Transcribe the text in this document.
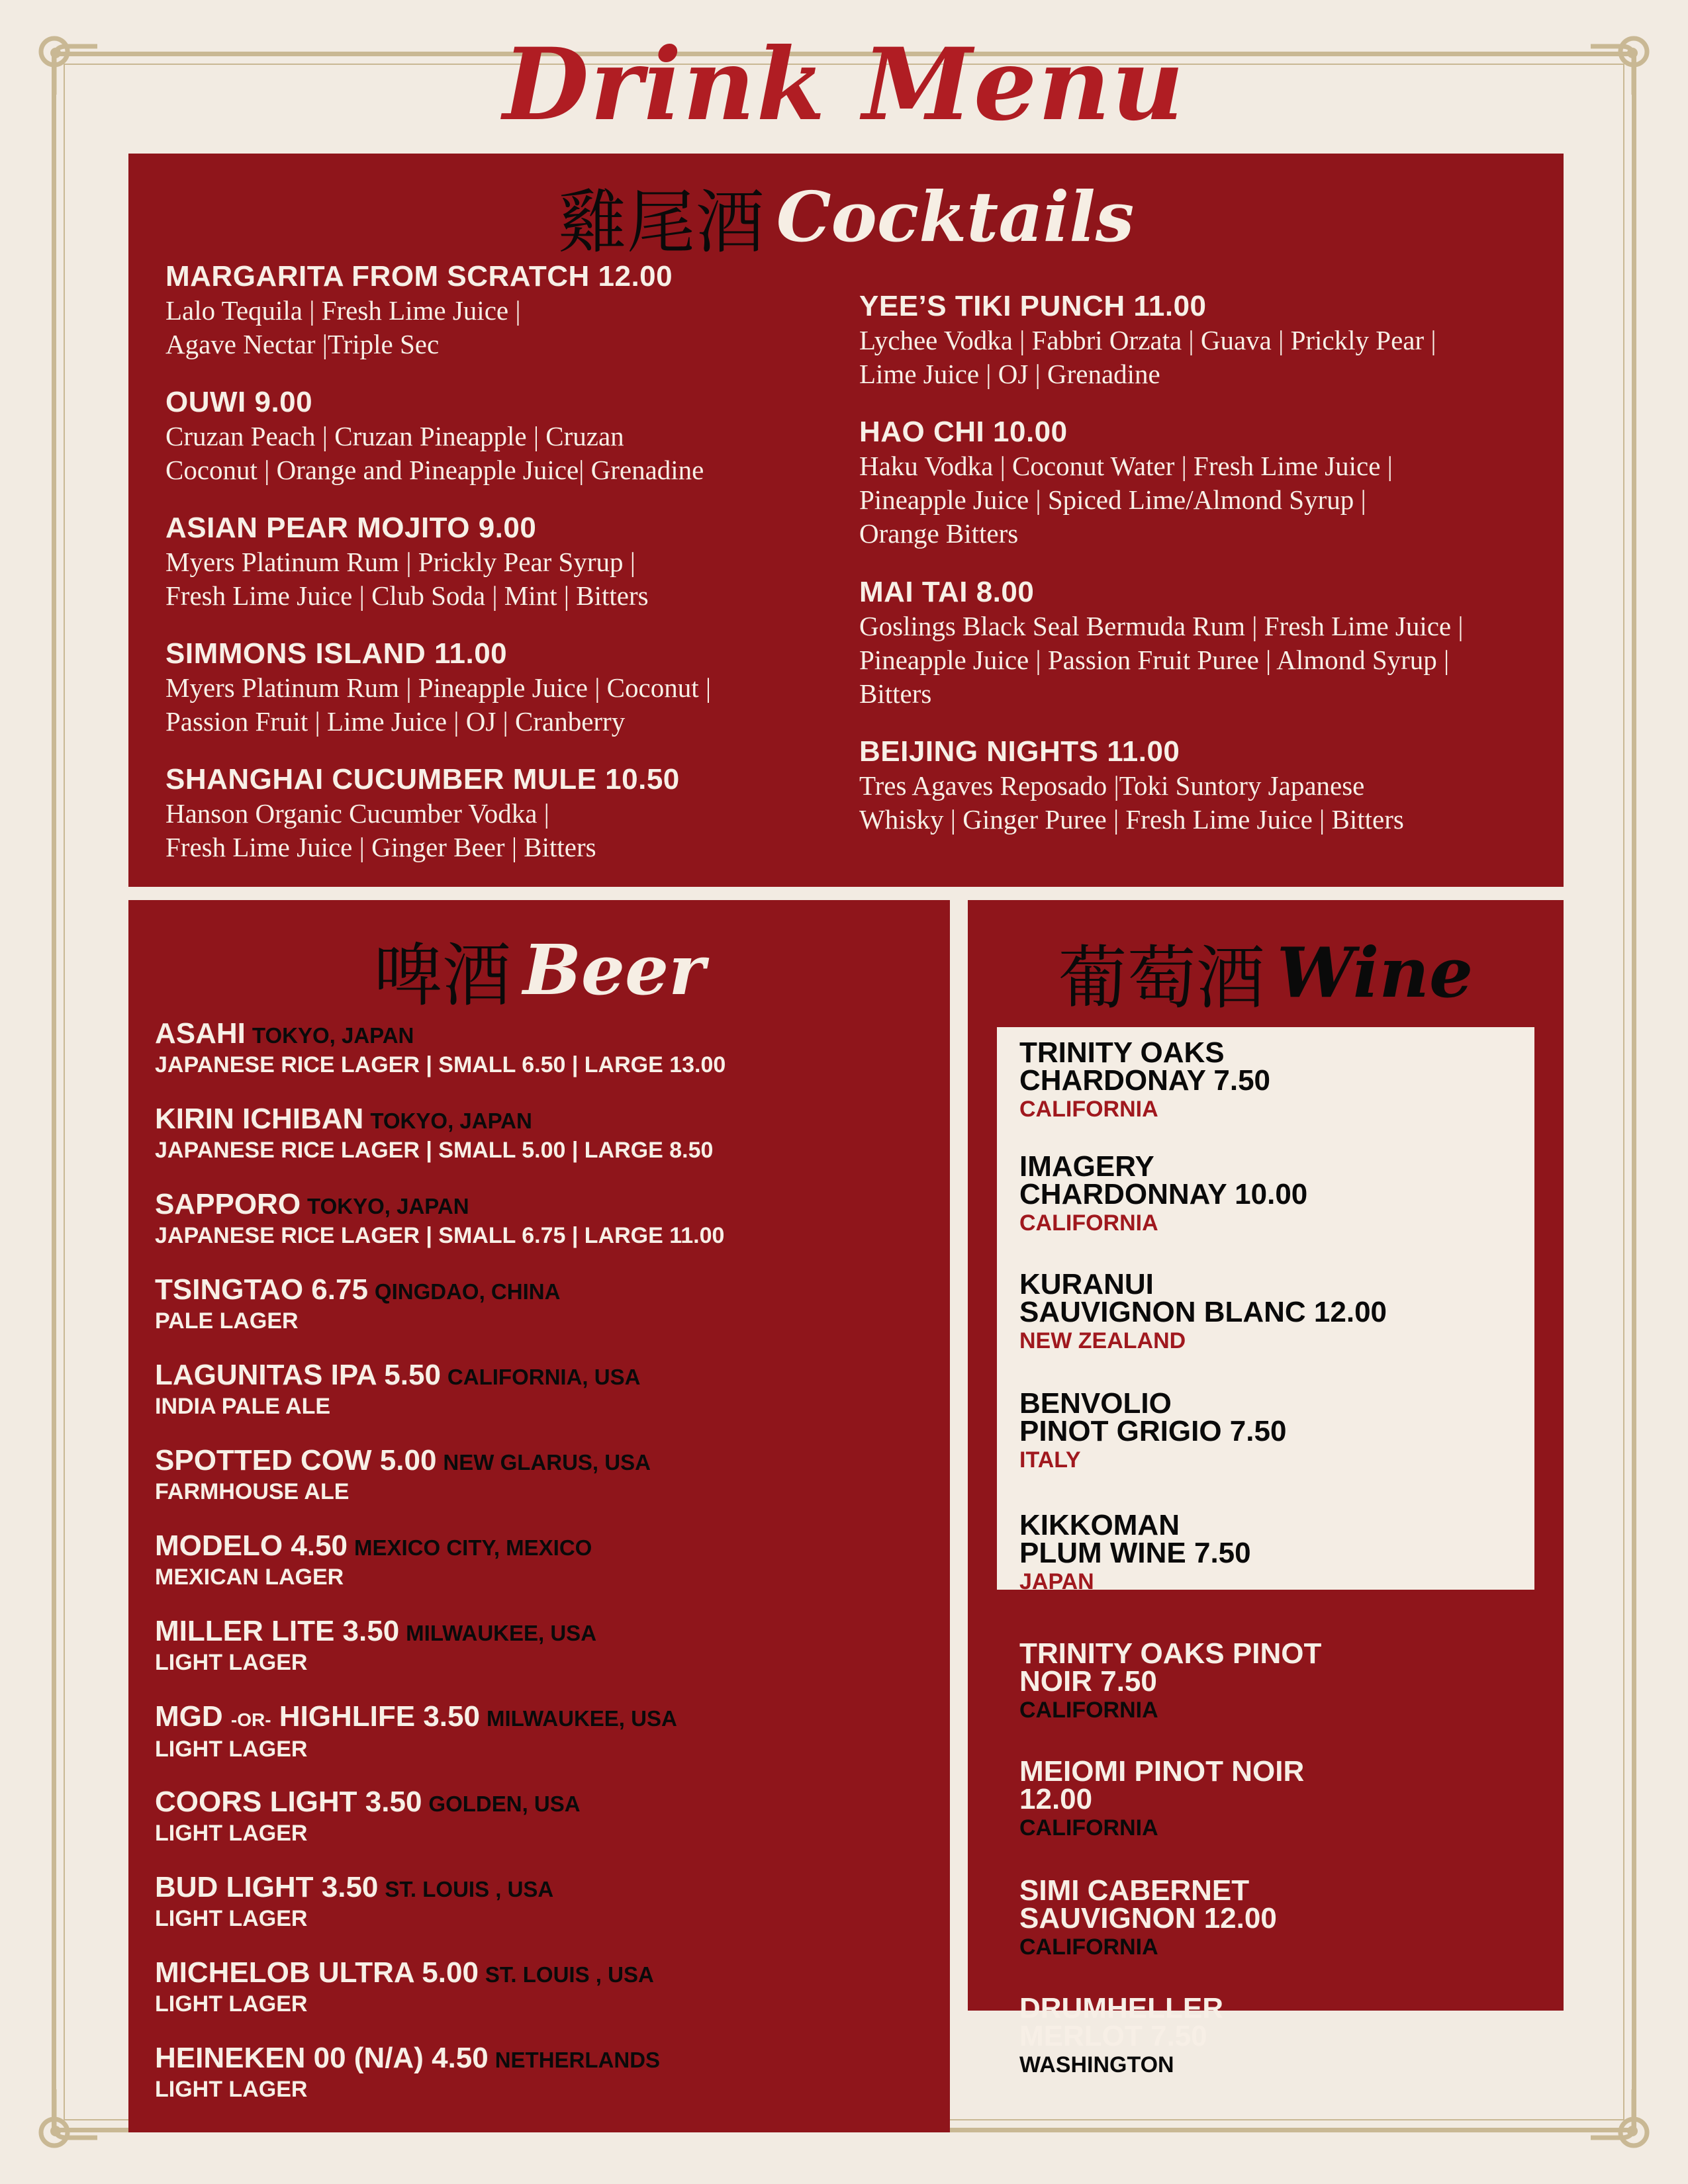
Drink Menu
雞尾酒 Cocktails
MARGARITA FROM SCRATCH 12.00
Lalo Tequila | Fresh Lime Juice |
Agave Nectar |Triple Sec
OUWI 9.00
Cruzan Peach | Cruzan Pineapple | Cruzan
Coconut | Orange and Pineapple Juice| Grenadine
ASIAN PEAR MOJITO 9.00
Myers Platinum Rum | Prickly Pear Syrup |
Fresh Lime Juice | Club Soda | Mint | Bitters
SIMMONS ISLAND 11.00
Myers Platinum Rum | Pineapple Juice | Coconut |
Passion Fruit | Lime Juice | OJ | Cranberry
SHANGHAI CUCUMBER MULE 10.50
Hanson Organic Cucumber Vodka |
Fresh Lime Juice | Ginger Beer | Bitters
YEE’S TIKI PUNCH 11.00
Lychee Vodka | Fabbri Orzata | Guava | Prickly Pear |
Lime Juice | OJ | Grenadine
HAO CHI 10.00
Haku Vodka | Coconut Water | Fresh Lime Juice |
Pineapple Juice | Spiced Lime/Almond Syrup |
Orange Bitters
MAI TAI 8.00
Goslings Black Seal Bermuda Rum | Fresh Lime Juice |
Pineapple Juice | Passion Fruit Puree | Almond Syrup |
Bitters
BEIJING NIGHTS 11.00
Tres Agaves Reposado |Toki Suntory Japanese
Whisky | Ginger Puree | Fresh Lime Juice | Bitters
啤酒 Beer
ASAHI TOKYO, JAPAN
JAPANESE RICE LAGER | SMALL 6.50 | LARGE 13.00
KIRIN ICHIBAN TOKYO, JAPAN
JAPANESE RICE LAGER | SMALL 5.00 | LARGE 8.50
SAPPORO TOKYO, JAPAN
JAPANESE RICE LAGER | SMALL 6.75 | LARGE 11.00
TSINGTAO 6.75 QINGDAO, CHINA
PALE LAGER
LAGUNITAS IPA 5.50 CALIFORNIA, USA
INDIA PALE ALE
SPOTTED COW 5.00 NEW GLARUS, USA
FARMHOUSE ALE
MODELO 4.50 MEXICO CITY, MEXICO
MEXICAN LAGER
MILLER LITE 3.50 MILWAUKEE, USA
LIGHT LAGER
MGD -OR- HIGHLIFE 3.50 MILWAUKEE, USA
LIGHT LAGER
COORS LIGHT 3.50 GOLDEN, USA
LIGHT LAGER
BUD LIGHT 3.50 ST. LOUIS , USA
LIGHT LAGER
MICHELOB ULTRA 5.00 ST. LOUIS , USA
LIGHT LAGER
HEINEKEN 00 (N/A) 4.50 NETHERLANDS
LIGHT LAGER
葡萄酒 Wine
TRINITY OAKS
CHARDONAY 7.50
CALIFORNIA
IMAGERY
CHARDONNAY 10.00
CALIFORNIA
KURANUI
SAUVIGNON BLANC 12.00
NEW ZEALAND
BENVOLIO
PINOT GRIGIO 7.50
ITALY
KIKKOMAN
PLUM WINE 7.50
JAPAN
TRINITY OAKS PINOT
NOIR 7.50
CALIFORNIA
MEIOMI PINOT NOIR
12.00
CALIFORNIA
SIMI CABERNET
SAUVIGNON 12.00
CALIFORNIA
DRUMHELLER
MERLOT 7.50
WASHINGTON
